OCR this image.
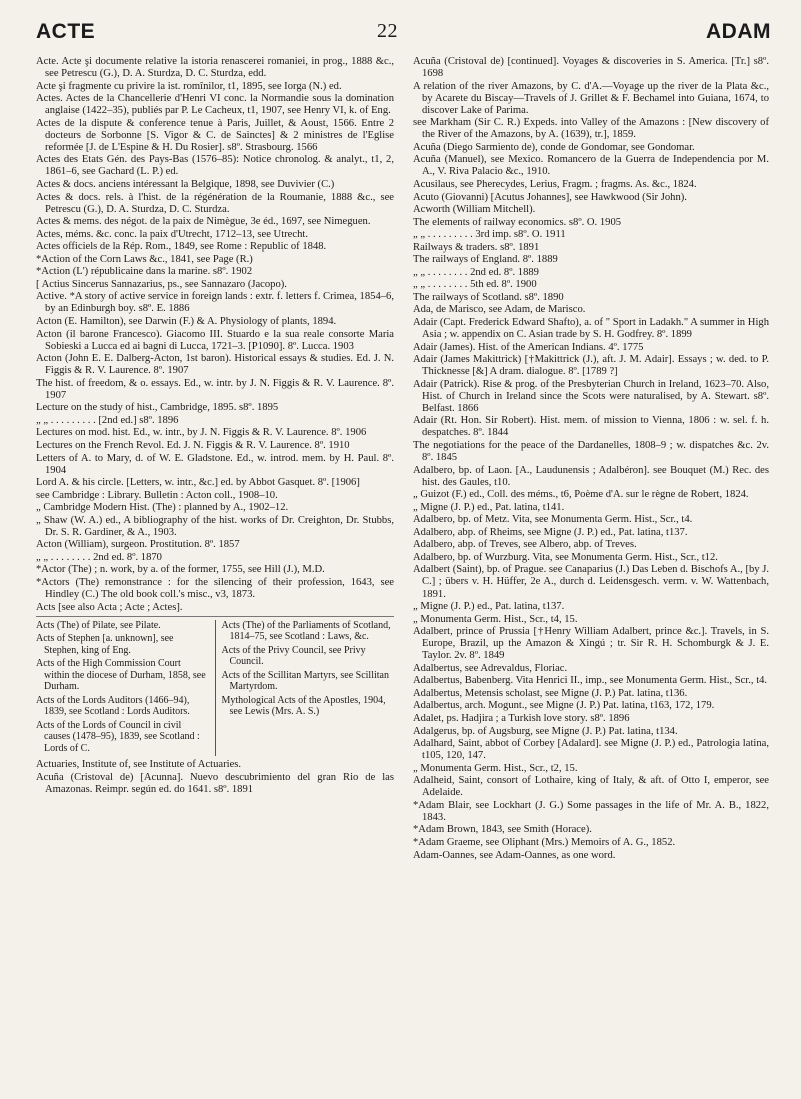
ACTE	22	ADAM

Acte. Acte şi documente relative la istoria renascerei romaniei, in prog., 1888 &c., see Petrescu (G.), D. A. Sturdza, D. C. Sturdza, edd.

Acte şi fragmente cu privire la ist. romînilor, t1, 1895, see Iorga (N.) ed.

Actes. Actes de la Chancellerie d'Henri VI conc. la Normandie sous la domination anglaise (1422–35), publiés par P. Le Cacheux, t1, 1907, see Henry VI, k. of Eng.

Actes de la dispute & conference tenue à Paris, Juillet, & Aoust, 1566. Entre 2 docteurs de Sorbonne [S. Vigor & C. de Sainctes] & 2 ministres de l'Eglise reformée [J. de L'Espine & H. Du Rosier]. s8º. Strasbourg. 1566

Actes des Etats Gén. des Pays-Bas (1576–85): Notice chronolog. & analyt., t1, 2, 1861–6, see Gachard (L. P.) ed.

Actes & docs. anciens intéressant la Belgique, 1898, see Duvivier (C.)

Actes & docs. rels. à l'hist. de la régénération de la Roumanie, 1888 &c., see Petrescu (G.), D. A. Sturdza, D. C. Sturdza.

Actes & mems. des négot. de la paix de Nimègue, 3e éd., 1697, see Nimeguen.

Actes, méms. &c. conc. la paix d'Utrecht, 1712–13, see Utrecht.

Actes officiels de la Rép. Rom., 1849, see Rome : Republic of 1848.

*Action of the Corn Laws &c., 1841, see Page (R.)

*Action (L') républicaine dans la marine. s8º. 1902

[ Actius Sincerus Sannazarius, ps., see Sannazaro (Jacopo).

Active. *A story of active service in foreign lands : extr. f. letters f. Crimea, 1854–6, by an Edinburgh boy. s8º. E. 1886

Acton (E. Hamilton), see Darwin (F.) & A. Physiology of plants, 1894.

Acton (il barone Francesco). Giacomo III. Stuardo e la sua reale consorte Maria Sobieski a Lucca ed ai bagni di Lucca, 1721–3. [P1090]. 8º. Lucca. 1903

Acton (John E. E. Dalberg-Acton, 1st baron). Historical essays & studies. Ed. J. N. Figgis & R. V. Laurence. 8º. 1907

The hist. of freedom, & o. essays. Ed., w. intr. by J. N. Figgis & R. V. Laurence. 8º. 1907

Lecture on the study of hist., Cambridge, 1895. s8º. 1895

„ „ . . . . . . . . . [2nd ed.] s8º. 1896

Lectures on mod. hist. Ed., w. intr., by J. N. Figgis & R. V. Laurence. 8º. 1906

Lectures on the French Revol. Ed. J. N. Figgis & R. V. Laurence. 8º. 1910

Letters of A. to Mary, d. of W. E. Gladstone. Ed., w. introd. mem. by H. Paul. 8º. 1904

Lord A. & his circle. [Letters, w. intr., &c.] ed. by Abbot Gasquet. 8º. [1906]

see Cambridge : Library. Bulletin : Acton coll., 1908–10.

„ Cambridge Modern Hist. (The) : planned by A., 1902–12.

„ Shaw (W. A.) ed., A bibliography of the hist. works of Dr. Creighton, Dr. Stubbs, Dr. S. R. Gardiner, & A., 1903.

Acton (William), surgeon. Prostitution. 8º. 1857

„ „ . . . . . . . . 2nd ed. 8º. 1870

*Actor (The) ; n. work, by a. of the former, 1755, see Hill (J.), M.D.

*Actors (The) remonstrance : for the silencing of their profession, 1643, see Hindley (C.) The old book coll.'s misc., v3, 1873.

Acts [see also Acta ; Acte ; Actes].

Acts (The) of Pilate, see Pilate.

Acts of Stephen [a. unknown], see Stephen, king of Eng.

Acts of the High Commission Court within the diocese of Durham, 1858, see Durham.

Acts of the Lords Auditors (1466–94), 1839, see Scotland : Lords Auditors.

Acts of the Lords of Council in civil causes (1478–95), 1839, see Scotland : Lords of C.

Acts (The) of the Parliaments of Scotland, 1814–75, see Scotland : Laws, &c.

Acts of the Privy Council, see Privy Council.

Acts of the Scillitan Martyrs, see Scillitan Martyrdom.

Mythological Acts of the Apostles, 1904, see Lewis (Mrs. A. S.)

Actuaries, Institute of, see Institute of Actuaries.

Acuña (Cristoval de) [Acunna]. Nuevo descubrimiento del gran Rio de las Amazonas. Reimpr. según ed. do 1641. s8º. 1891

Acuña (Cristoval de) [continued]. Voyages & discoveries in S. America. [Tr.] s8º. 1698

A relation of the river Amazons, by C. d'A.—Voyage up the river de la Plata &c., by Acarete du Biscay—Travels of J. Grillet & F. Bechamel into Guiana, 1674, to discover Lake of Parima.

see Markham (Sir C. R.) Expeds. into Valley of the Amazons : [New discovery of the River of the Amazons, by A. (1639), tr.], 1859.

Acuña (Diego Sarmiento de), conde de Gondomar, see Gondomar.

Acuña (Manuel), see Mexico. Romancero de la Guerra de Independencia por M. A., V. Riva Palacio &c., 1910.

Acusilaus, see Pherecydes, Lerius, Fragm. ; fragms. As. &c., 1824.

Acuto (Giovanni) [Acutus Johannes], see Hawkwood (Sir John).

Acworth (William Mitchell).

The elements of railway economics. s8º. O. 1905

„ „ . . . . . . . . . 3rd imp. s8º. O. 1911

Railways & traders. s8º. 1891

The railways of England. 8º. 1889

„ „ . . . . . . . . 2nd ed. 8º. 1889

„ „ . . . . . . . . 5th ed. 8º. 1900

The railways of Scotland. s8º. 1890

Ada, de Marisco, see Adam, de Marisco.

Adair (Capt. Frederick Edward Shafto), a. of " Sport in Ladakh." A summer in High Asia ; w. appendix on C. Asian trade by S. H. Godfrey. 8º. 1899

Adair (James). Hist. of the American Indians. 4º. 1775

Adair (James Makittrick) [†Makittrick (J.), aft. J. M. Adair]. Essays ; w. ded. to P. Thicknesse [&] A dram. dialogue. 8º. [1789 ?]

Adair (Patrick). Rise & prog. of the Presbyterian Church in Ireland, 1623–70. Also, Hist. of Church in Ireland since the Scots were naturalised, by A. Stewart. s8º. Belfast. 1866

Adair (Rt. Hon. Sir Robert). Hist. mem. of mission to Vienna, 1806 : w. sel. f. h. despatches. 8º. 1844

The negotiations for the peace of the Dardanelles, 1808–9 ; w. dispatches &c. 2v. 8º. 1845

Adalbero, bp. of Laon. [A., Laudunensis ; Adalbéron]. see Bouquet (M.) Rec. des hist. des Gaules, t10.

„ Guizot (F.) ed., Coll. des méms., t6, Poème d'A. sur le règne de Robert, 1824.

„ Migne (J. P.) ed., Pat. latina, t141.

Adalbero, bp. of Metz. Vita, see Monumenta Germ. Hist., Scr., t4.

Adalbero, abp. of Rheims, see Migne (J. P.) ed., Pat. latina, t137.

Adalbero, abp. of Treves, see Albero, abp. of Treves.

Adalbero, bp. of Wurzburg. Vita, see Monumenta Germ. Hist., Scr., t12.

Adalbert (Saint), bp. of Prague. see Canaparius (J.) Das Leben d. Bischofs A., [by J. C.] ; übers v. H. Hüffer, 2e A., durch d. Leidensgesch. verm. v. W. Wattenbach, 1891.

„ Migne (J. P.) ed., Pat. latina, t137.

„ Monumenta Germ. Hist., Scr., t4, 15.

Adalbert, prince of Prussia [†Henry William Adalbert, prince &c.]. Travels, in S. Europe, Brazil, up the Amazon & Xingú ; tr. Sir R. H. Schomburgk & J. E. Taylor. 2v. 8º. 1849

Adalbertus, see Adrevaldus, Floriac.

Adalbertus, Babenberg. Vita Henrici II., imp., see Monumenta Germ. Hist., Scr., t4.

Adalbertus, Metensis scholast, see Migne (J. P.) Pat. latina, t136.

Adalbertus, arch. Mogunt., see Migne (J. P.) Pat. latina, t163, 172, 179.

Adalet, ps. Hadjira ; a Turkish love story. s8º. 1896

Adalgerus, bp. of Augsburg, see Migne (J. P.) Pat. latina, t134.

Adalhard, Saint, abbot of Corbey [Adalard]. see Migne (J. P.) ed., Patrologia latina, t105, 120, 147.

„ Monumenta Germ. Hist., Scr., t2, 15.

Adalheid, Saint, consort of Lothaire, king of Italy, & aft. of Otto I, emperor, see Adelaide.

*Adam Blair, see Lockhart (J. G.) Some passages in the life of Mr. A. B., 1822, 1843.

*Adam Brown, 1843, see Smith (Horace).

*Adam Graeme, see Oliphant (Mrs.) Memoirs of A. G., 1852.

Adam-Oannes, see Adam-Oannes, as one word.
